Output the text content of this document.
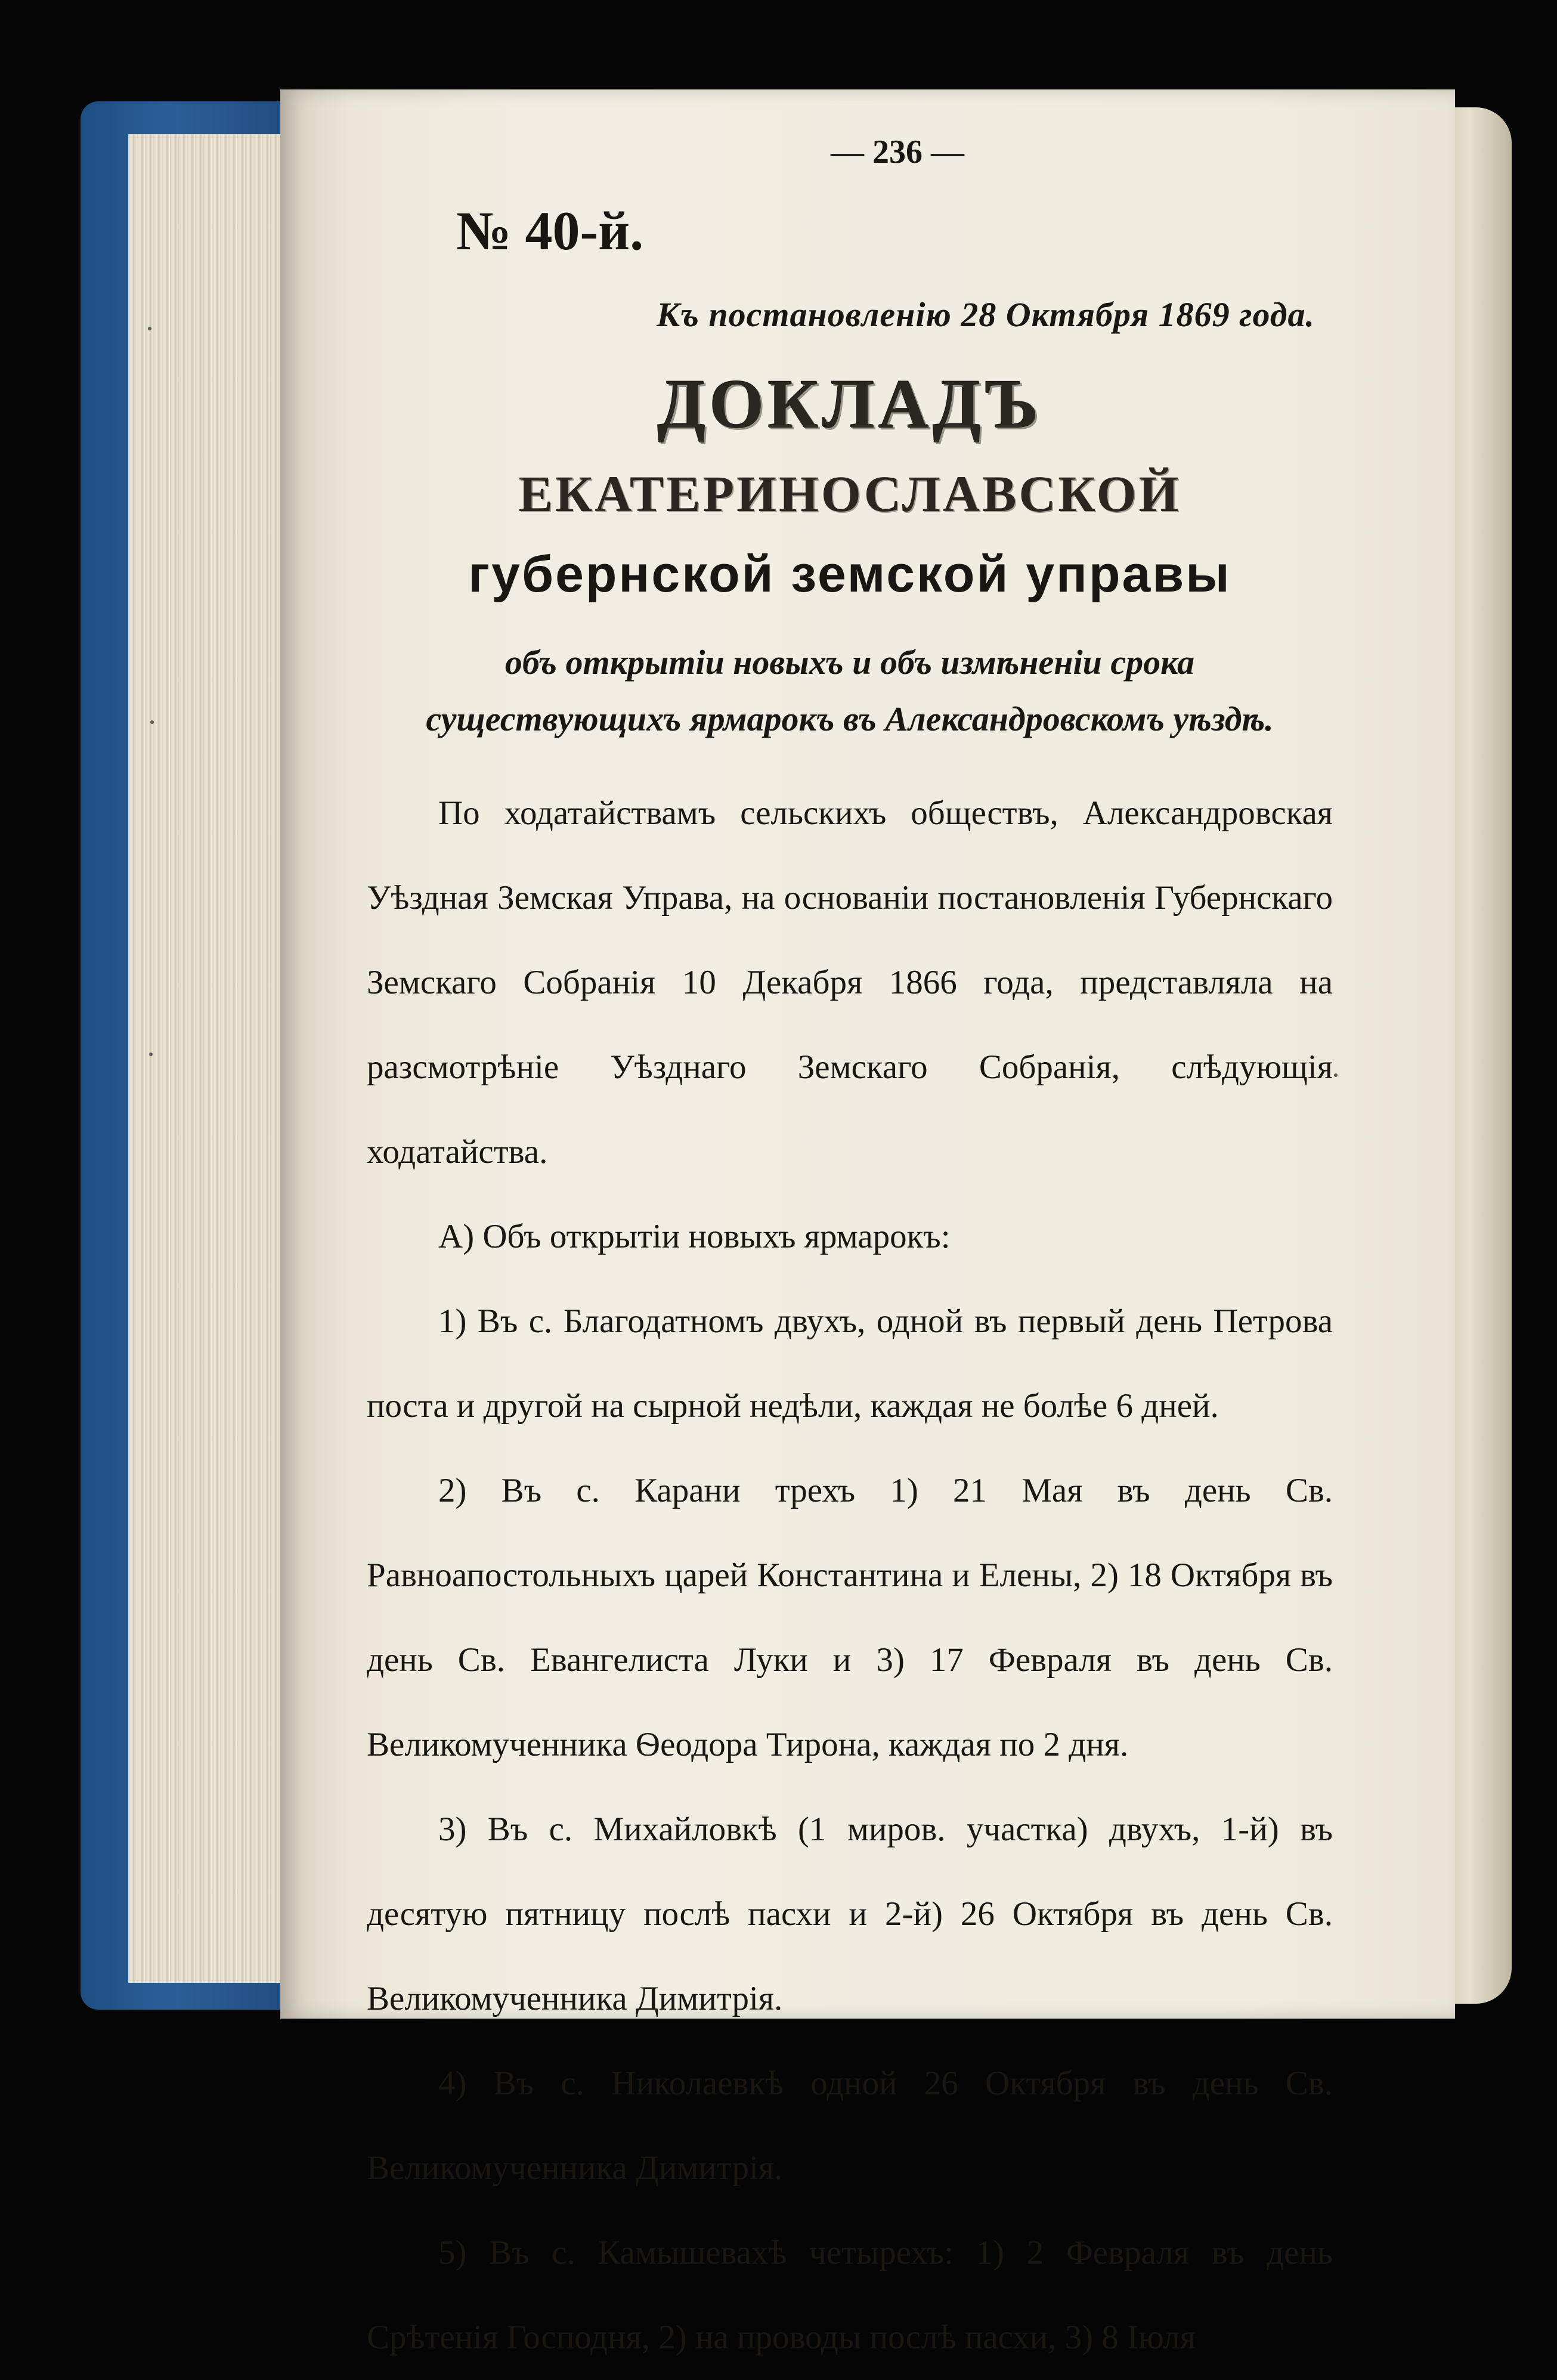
— 236 —
№ 40-й.
Къ постановленію 28 Октября 1869 года.
ДОКЛАДЪ
ЕКАТЕРИНОСЛАВСКОЙ
губернской земской управы
объ открытіи новыхъ и объ измѣненіи срока существующихъ ярмарокъ въ Александровскомъ уѣздѣ.

По ходатайствамъ сельскихъ обществъ, Александровская Уѣздная Земская Управа, на основаніи постановленія Губернскаго Земскаго Собранія 10 Декабря 1866 года, представляла на разсмотрѣніе Уѣзднаго Земскаго Собранія, слѣдующія ходатайства.

А) Объ открытіи новыхъ ярмарокъ:

1) Въ с. Благодатномъ двухъ, одной въ первый день Петрова поста и другой на сырной недѣли, каждая не болѣе 6 дней.

2) Въ с. Карани трехъ 1) 21 Мая въ день Св. Равноапостольныхъ царей Константина и Елены, 2) 18 Октября въ день Св. Евангелиста Луки и 3) 17 Февраля въ день Св. Великомученника Ѳеодора Тирона, каждая по 2 дня.

3) Въ с. Михайловкѣ (1 миров. участка) двухъ, 1-й) въ десятую пятницу послѣ пасхи и 2-й) 26 Октября въ день Св. Великомученника Димитрія.

4) Въ с. Николаевкѣ одной 26 Октября въ день Св. Великомученника Димитрія.

5) Въ с. Камышевахѣ четырехъ: 1) 2 Февраля въ день Срѣтенія Господня, 2) на проводы послѣ пасхи, 3) 8 Іюля
